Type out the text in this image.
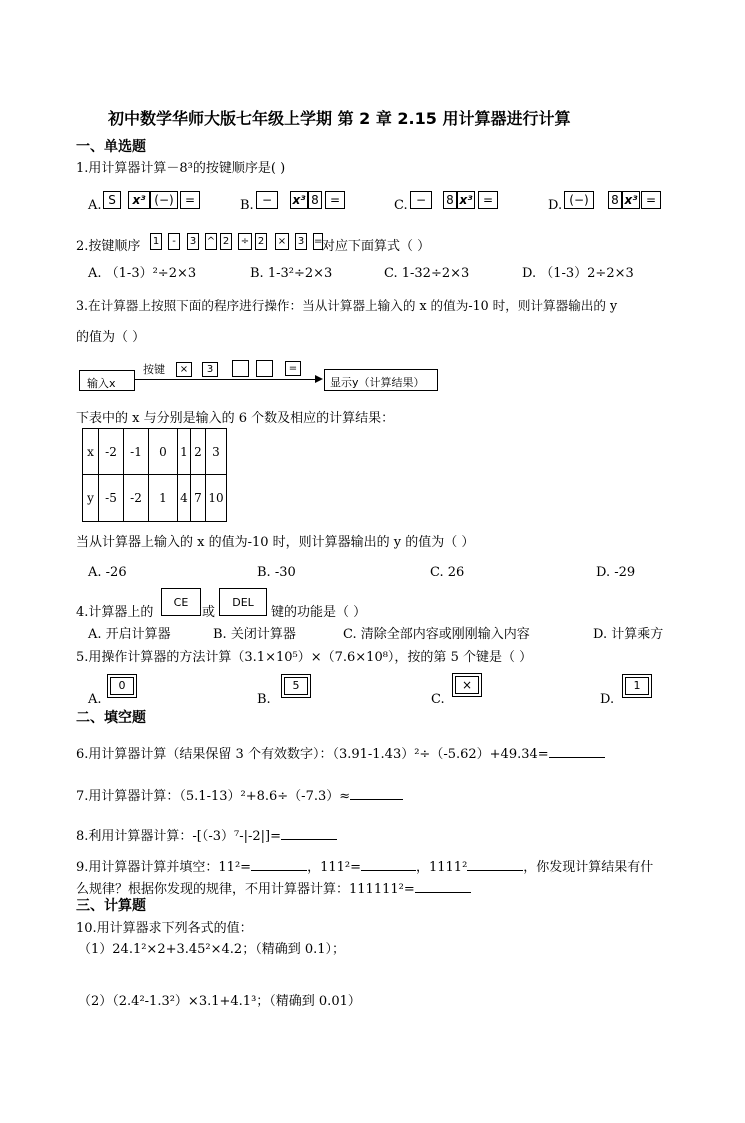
初中数学华师大版七年级上学期 第 2 章 2.15 用计算器进行计算
一、单选题
1.用计算器计算－8³的按键顺序是( )
A. S	x³ (−) =	B. −	x³ 8 =	C. −	8 x³ =	D. (−)	8 x³ =
2.按键顺序 1	-	3 ^ 2 ÷ 2 × 3 = 对应下面算式（ ）
A. （1-3）²÷2×3	B. 1-3²÷2×3	C. 1-32÷2×3	D. （1-3）2÷2×3
3.在计算器上按照下面的程序进行操作：当从计算器上输入的 x 的值为-10 时，则计算器输出的 y
的值为（ ）
输入x
按键	×	3	=
显示y（计算结果）
下表中的 x 与分别是输入的 6 个数及相应的计算结果：
x	-2	-1	0	1	2	3
y	-5	-2	1	4	7	10
当从计算器上输入的 x 的值为-10 时，则计算器输出的 y 的值为（ ）
A. -26	B. -30	C. 26	D. -29
4.计算器上的
CE
或
DEL
键的功能是（ ）
A. 开启计算器	B. 关闭计算器	C. 清除全部内容或刚刚输入内容	D. 计算乘方
5.用操作计算器的方法计算（3.1×10⁵）×（7.6×10⁸），按的第 5 个键是（ ）
A.
0
B.
5
C.
×
D.
1
二、填空题
6.用计算器计算（结果保留 3 个有效数字）：（3.91-1.43）²÷（-5.62）+49.34=
7.用计算器计算：（5.1-13）²+8.6÷（-7.3）≈
8.利用计算器计算：-[（-3）⁷-|-2|]=
9.用计算器计算并填空：11²=	，111²=	，1111²	，你发现计算结果有什
么规律？根据你发现的规律，不用计算器计算：111111²=
三、计算题
10.用计算器求下列各式的值：
（1）24.1²×2+3.45²×4.2；（精确到 0.1）；
（2）（2.4²-1.3²）×3.1+4.1³；（精确到 0.01）
